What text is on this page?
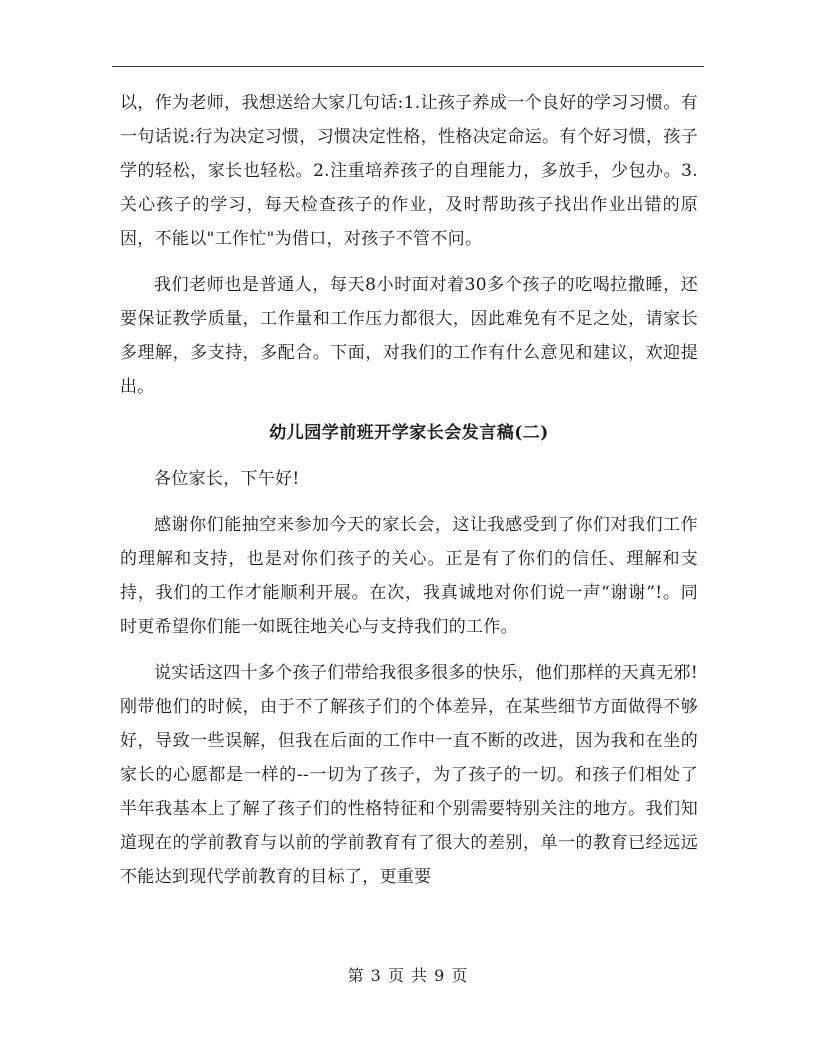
以，作为老师，我想送给大家几句话:1.让孩子养成一个良好的学习习惯。有一句话说:行为决定习惯，习惯决定性格，性格决定命运。有个好习惯，孩子学的轻松，家长也轻松。2.注重培养孩子的自理能力，多放手，少包办。3.关心孩子的学习，每天检查孩子的作业，及时帮助孩子找出作业出错的原因，不能以"工作忙"为借口，对孩子不管不问。

我们老师也是普通人，每天8小时面对着30多个孩子的吃喝拉撒睡，还要保证教学质量，工作量和工作压力都很大，因此难免有不足之处，请家长多理解，多支持，多配合。下面，对我们的工作有什么意见和建议，欢迎提出。

幼儿园学前班开学家长会发言稿(二)

各位家长，下午好!

感谢你们能抽空来参加今天的家长会，这让我感受到了你们对我们工作的理解和支持，也是对你们孩子的关心。正是有了你们的信任、理解和支持，我们的工作才能顺利开展。在次，我真诚地对你们说一声“谢谢”!。同时更希望你们能一如既往地关心与支持我们的工作。

说实话这四十多个孩子们带给我很多很多的快乐，他们那样的天真无邪!刚带他们的时候，由于不了解孩子们的个体差异，在某些细节方面做得不够好，导致一些误解，但我在后面的工作中一直不断的改进，因为我和在坐的家长的心愿都是一样的--一切为了孩子，为了孩子的一切。和孩子们相处了半年我基本上了解了孩子们的性格特征和个别需要特别关注的地方。我们知道现在的学前教育与以前的学前教育有了很大的差别，单一的教育已经远远不能达到现代学前教育的目标了，更重要

第 3 页 共 9 页
